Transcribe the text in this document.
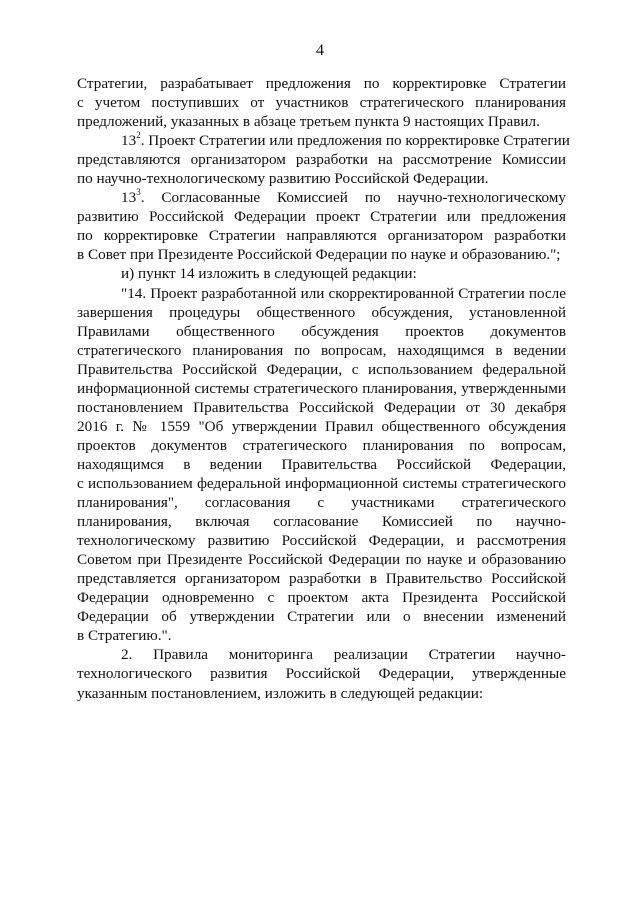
4
Стратегии, разрабатывает предложения по корректировке Стратегии
с учетом поступивших от участников стратегического планирования
предложений, указанных в абзаце третьем пункта 9 настоящих Правил.
$13^2$. Проект Стратегии или предложения по корректировке Стратегии
представляются организатором разработки на рассмотрение Комиссии
по научно-технологическому развитию Российской Федерации.
$13^3$. Согласованные Комиссией по научно-технологическому
развитию Российской Федерации проект Стратегии или предложения
по корректировке Стратегии направляются организатором разработки
в Совет при Президенте Российской Федерации по науке и образованию.";
и) пункт 14 изложить в следующей редакции:
"14. Проект разработанной или скорректированной Стратегии после
завершения процедуры общественного обсуждения, установленной
Правилами общественного обсуждения проектов документов
стратегического планирования по вопросам, находящимся в ведении
Правительства Российской Федерации, с использованием федеральной
информационной системы стратегического планирования, утвержденными
постановлением Правительства Российской Федерации от 30 декабря
2016 г. № 1559 "Об утверждении Правил общественного обсуждения
проектов документов стратегического планирования по вопросам,
находящимся в ведении Правительства Российской Федерации,
с использованием федеральной информационной системы стратегического
планирования", согласования с участниками стратегического
планирования, включая согласование Комиссией по научно-
технологическому развитию Российской Федерации, и рассмотрения
Советом при Президенте Российской Федерации по науке и образованию
представляется организатором разработки в Правительство Российской
Федерации одновременно с проектом акта Президента Российской
Федерации об утверждении Стратегии или о внесении изменений
в Стратегию.".
2. Правила мониторинга реализации Стратегии научно-
технологического развития Российской Федерации, утвержденные
указанным постановлением, изложить в следующей редакции:
